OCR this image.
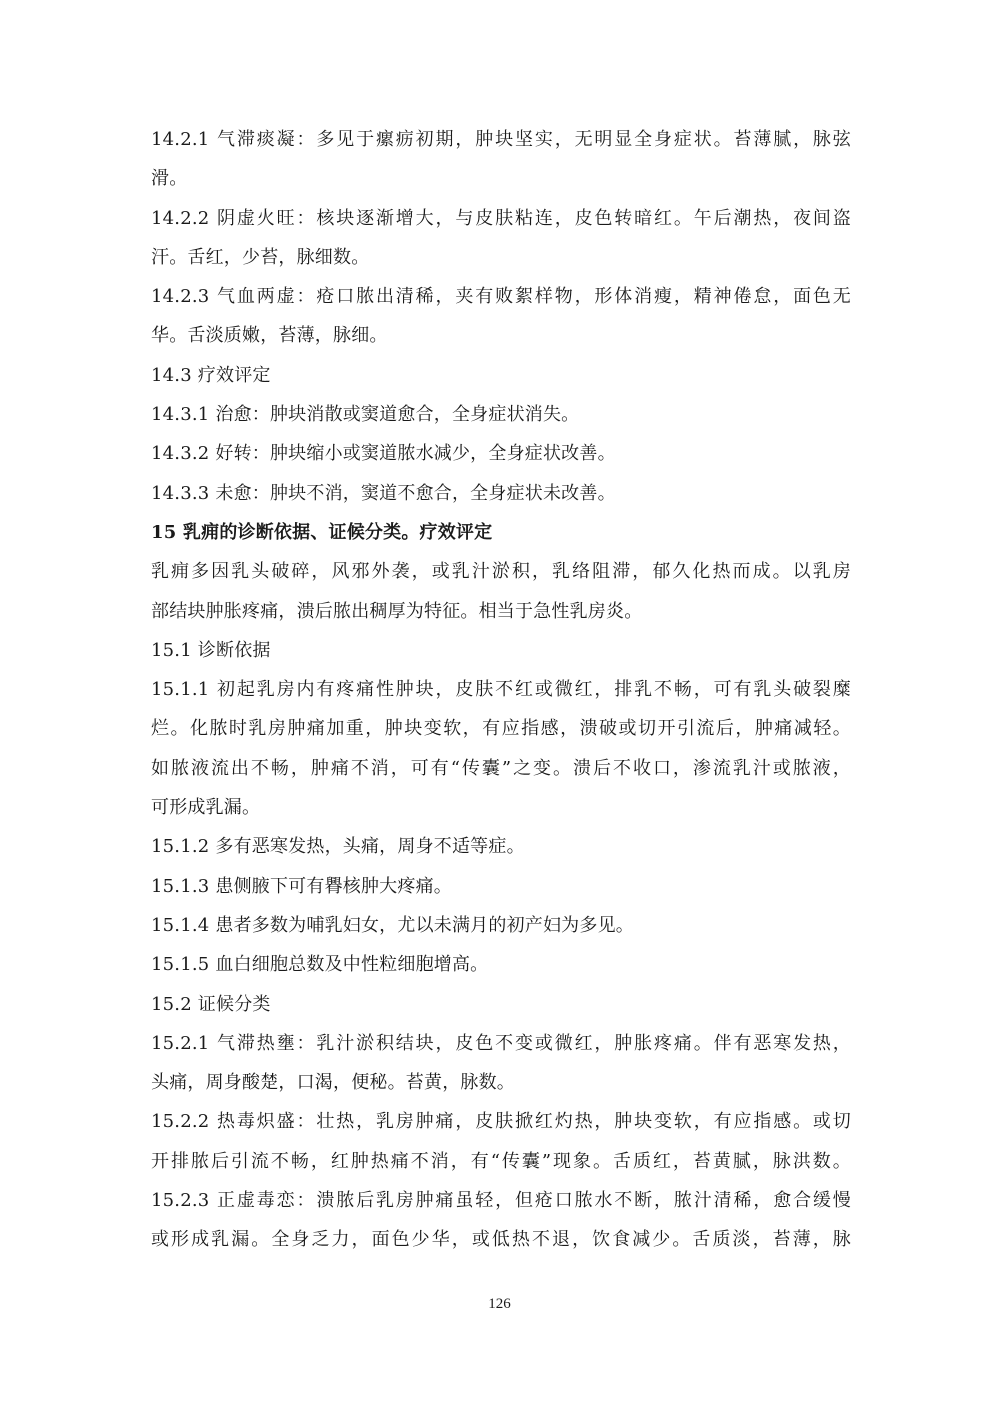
14.2.1 气滞痰凝：多见于瘰疬初期，肿块坚实，无明显全身症状。苔薄腻，脉弦
滑。
14.2.2 阴虚火旺：核块逐渐增大，与皮肤粘连，皮色转暗红。午后潮热，夜间盗
汗。舌红，少苔，脉细数。
14.2.3 气血两虚：疮口脓出清稀，夹有败絮样物，形体消瘦，精神倦怠，面色无
华。舌淡质嫩，苔薄，脉细。
14.3 疗效评定
14.3.1 治愈：肿块消散或窦道愈合，全身症状消失。
14.3.2 好转：肿块缩小或窦道脓水减少，全身症状改善。
14.3.3 未愈：肿块不消，窦道不愈合，全身症状未改善。
15 乳痈的诊断依据、证候分类。疗效评定
乳痈多因乳头破碎，风邪外袭，或乳汁淤积，乳络阻滞，郁久化热而成。以乳房
部结块肿胀疼痛，溃后脓出稠厚为特征。相当于急性乳房炎。
15.1 诊断依据
15.1.1 初起乳房内有疼痛性肿块，皮肤不红或微红，排乳不畅，可有乳头破裂糜
烂。化脓时乳房肿痛加重，肿块变软，有应指感，溃破或切开引流后，肿痛减轻。
如脓液流出不畅，肿痛不消，可有“传囊”之变。溃后不收口，渗流乳汁或脓液，
可形成乳漏。
15.1.2 多有恶寒发热，头痛，周身不适等症。
15.1.3 患侧腋下可有臖核肿大疼痛。
15.1.4 患者多数为哺乳妇女，尤以未满月的初产妇为多见。
15.1.5 血白细胞总数及中性粒细胞增高。
15.2 证候分类
15.2.1 气滞热壅：乳汁淤积结块，皮色不变或微红，肿胀疼痛。伴有恶寒发热，
头痛，周身酸楚，口渴，便秘。苔黄，脉数。
15.2.2 热毒炽盛：壮热，乳房肿痛，皮肤掀红灼热，肿块变软，有应指感。或切
开排脓后引流不畅，红肿热痛不消，有“传囊”现象。舌质红，苔黄腻，脉洪数。
15.2.3 正虚毒恋：溃脓后乳房肿痛虽轻，但疮口脓水不断，脓汁清稀，愈合缓慢
或形成乳漏。全身乏力，面色少华，或低热不退，饮食减少。舌质淡，苔薄，脉
126
